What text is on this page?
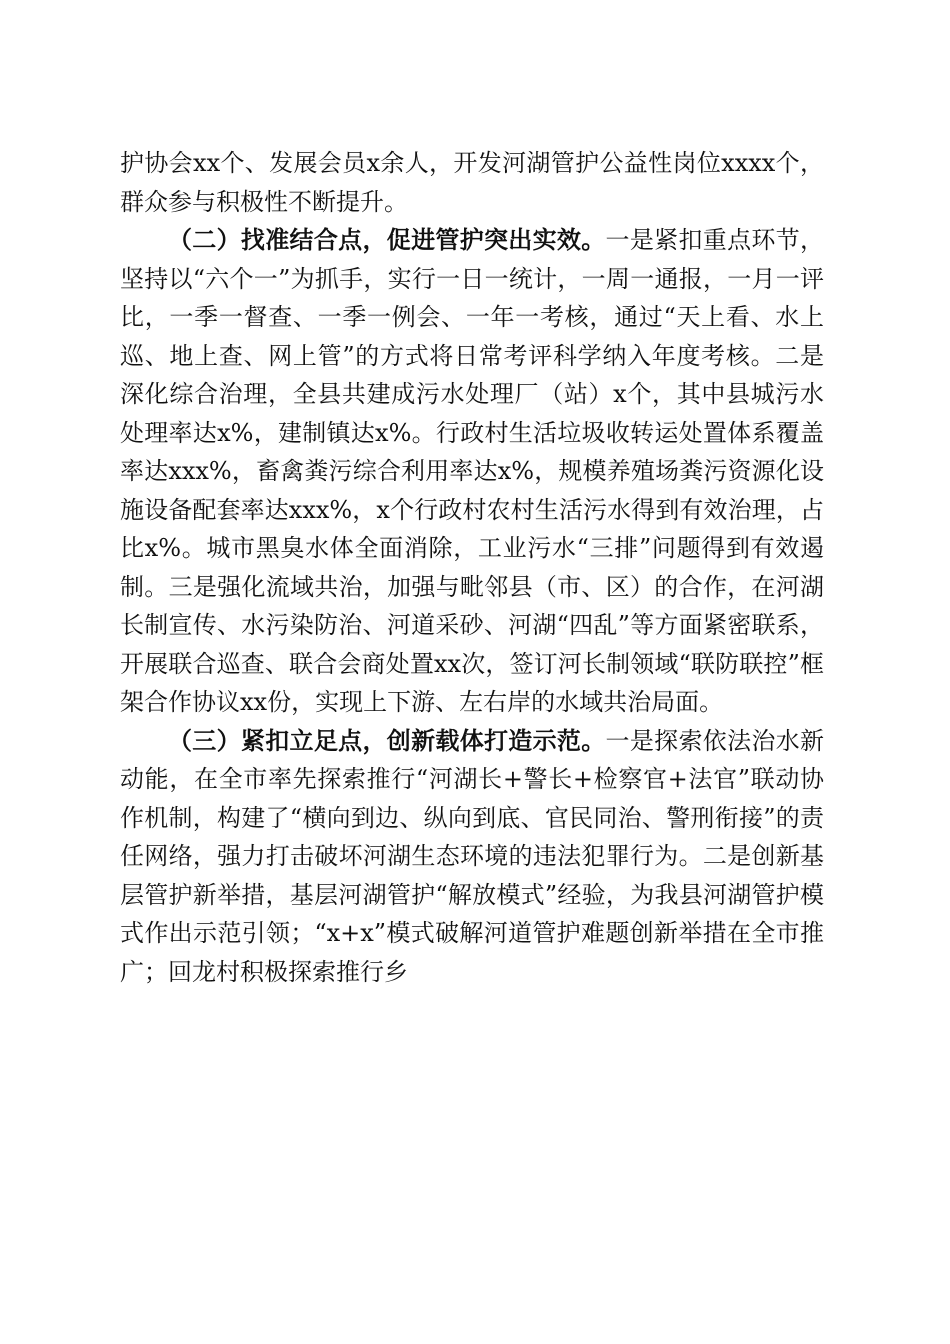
护协会xx个、发展会员x余人，开发河湖管护公益性岗位xxxx个，群众参与积极性不断提升。

（二）找准结合点，促进管护突出实效。一是紧扣重点环节，坚持以“六个一”为抓手，实行一日一统计，一周一通报，一月一评比，一季一督查、一季一例会、一年一考核，通过“天上看、水上巡、地上查、网上管”的方式将日常考评科学纳入年度考核。二是深化综合治理，全县共建成污水处理厂（站）x个，其中县城污水处理率达x%，建制镇达x%。行政村生活垃圾收转运处置体系覆盖率达xxx%，畜禽粪污综合利用率达x%，规模养殖场粪污资源化设施设备配套率达xxx%，x个行政村农村生活污水得到有效治理，占比x%。城市黑臭水体全面消除，工业污水“三排”问题得到有效遏制。三是强化流域共治，加强与毗邻县（市、区）的合作，在河湖长制宣传、水污染防治、河道采砂、河湖“四乱”等方面紧密联系，开展联合巡查、联合会商处置xx次，签订河长制领域“联防联控”框架合作协议xx份，实现上下游、左右岸的水域共治局面。

（三）紧扣立足点，创新载体打造示范。一是探索依法治水新动能，在全市率先探索推行“河湖长+警长+检察官+法官”联动协作机制，构建了“横向到边、纵向到底、官民同治、警刑衔接”的责任网络，强力打击破坏河湖生态环境的违法犯罪行为。二是创新基层管护新举措，基层河湖管护“解放模式”经验，为我县河湖管护模式作出示范引领；“x+x”模式破解河道管护难题创新举措在全市推广；回龙村积极探索推行乡
